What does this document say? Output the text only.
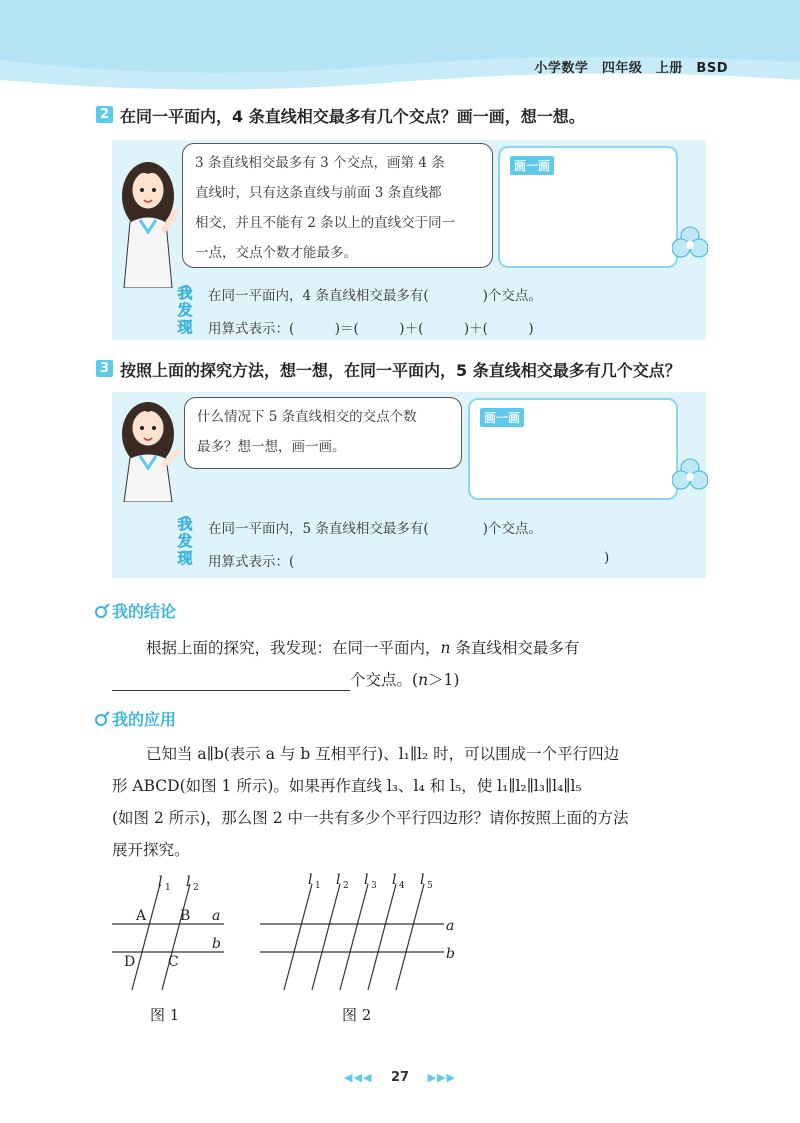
小学数学　四年级　上册　BSD
2 在同一平面内，4 条直线相交最多有几个交点？画一画，想一想。
3 条直线相交最多有 3 个交点，画第 4 条
直线时，只有这条直线与前面 3 条直线都
相交，并且不能有 2 条以上的直线交于同一
一点，交点个数才能最多。
画一画
我发现
在同一平面内，4 条直线相交最多有(　　　　)个交点。
用算式表示：(　　　)＝(　　　)＋(　　　)＋(　　　)
3 按照上面的探究方法，想一想，在同一平面内，5 条直线相交最多有几个交点？
什么情况下 5 条直线相交的交点个数
最多？想一想，画一画。
画一画
我发现
在同一平面内，5 条直线相交最多有(　　　　)个交点。
用算式表示：(	)
我的结论
根据上面的探究，我发现：在同一平面内，n 条直线相交最多有
个交点。(n＞1)
我的应用
已知当 a∥b(表示 a 与 b 互相平行)、l₁∥l₂ 时，可以围成一个平行四边
形 ABCD(如图 1 所示)。如果再作直线 l₃、l₄ 和 l₅，使 l₁∥l₂∥l₃∥l₄∥l₅
(如图 2 所示)，那么图 2 中一共有多少个平行四边形？请你按照上面的方法
展开探究。
l 1 l 2
a
b
A B
C
D
图 1
l 1 l 2 l 3 l 4 l 5
a
b
图 2
◀◀◀ 27 ▶▶▶
